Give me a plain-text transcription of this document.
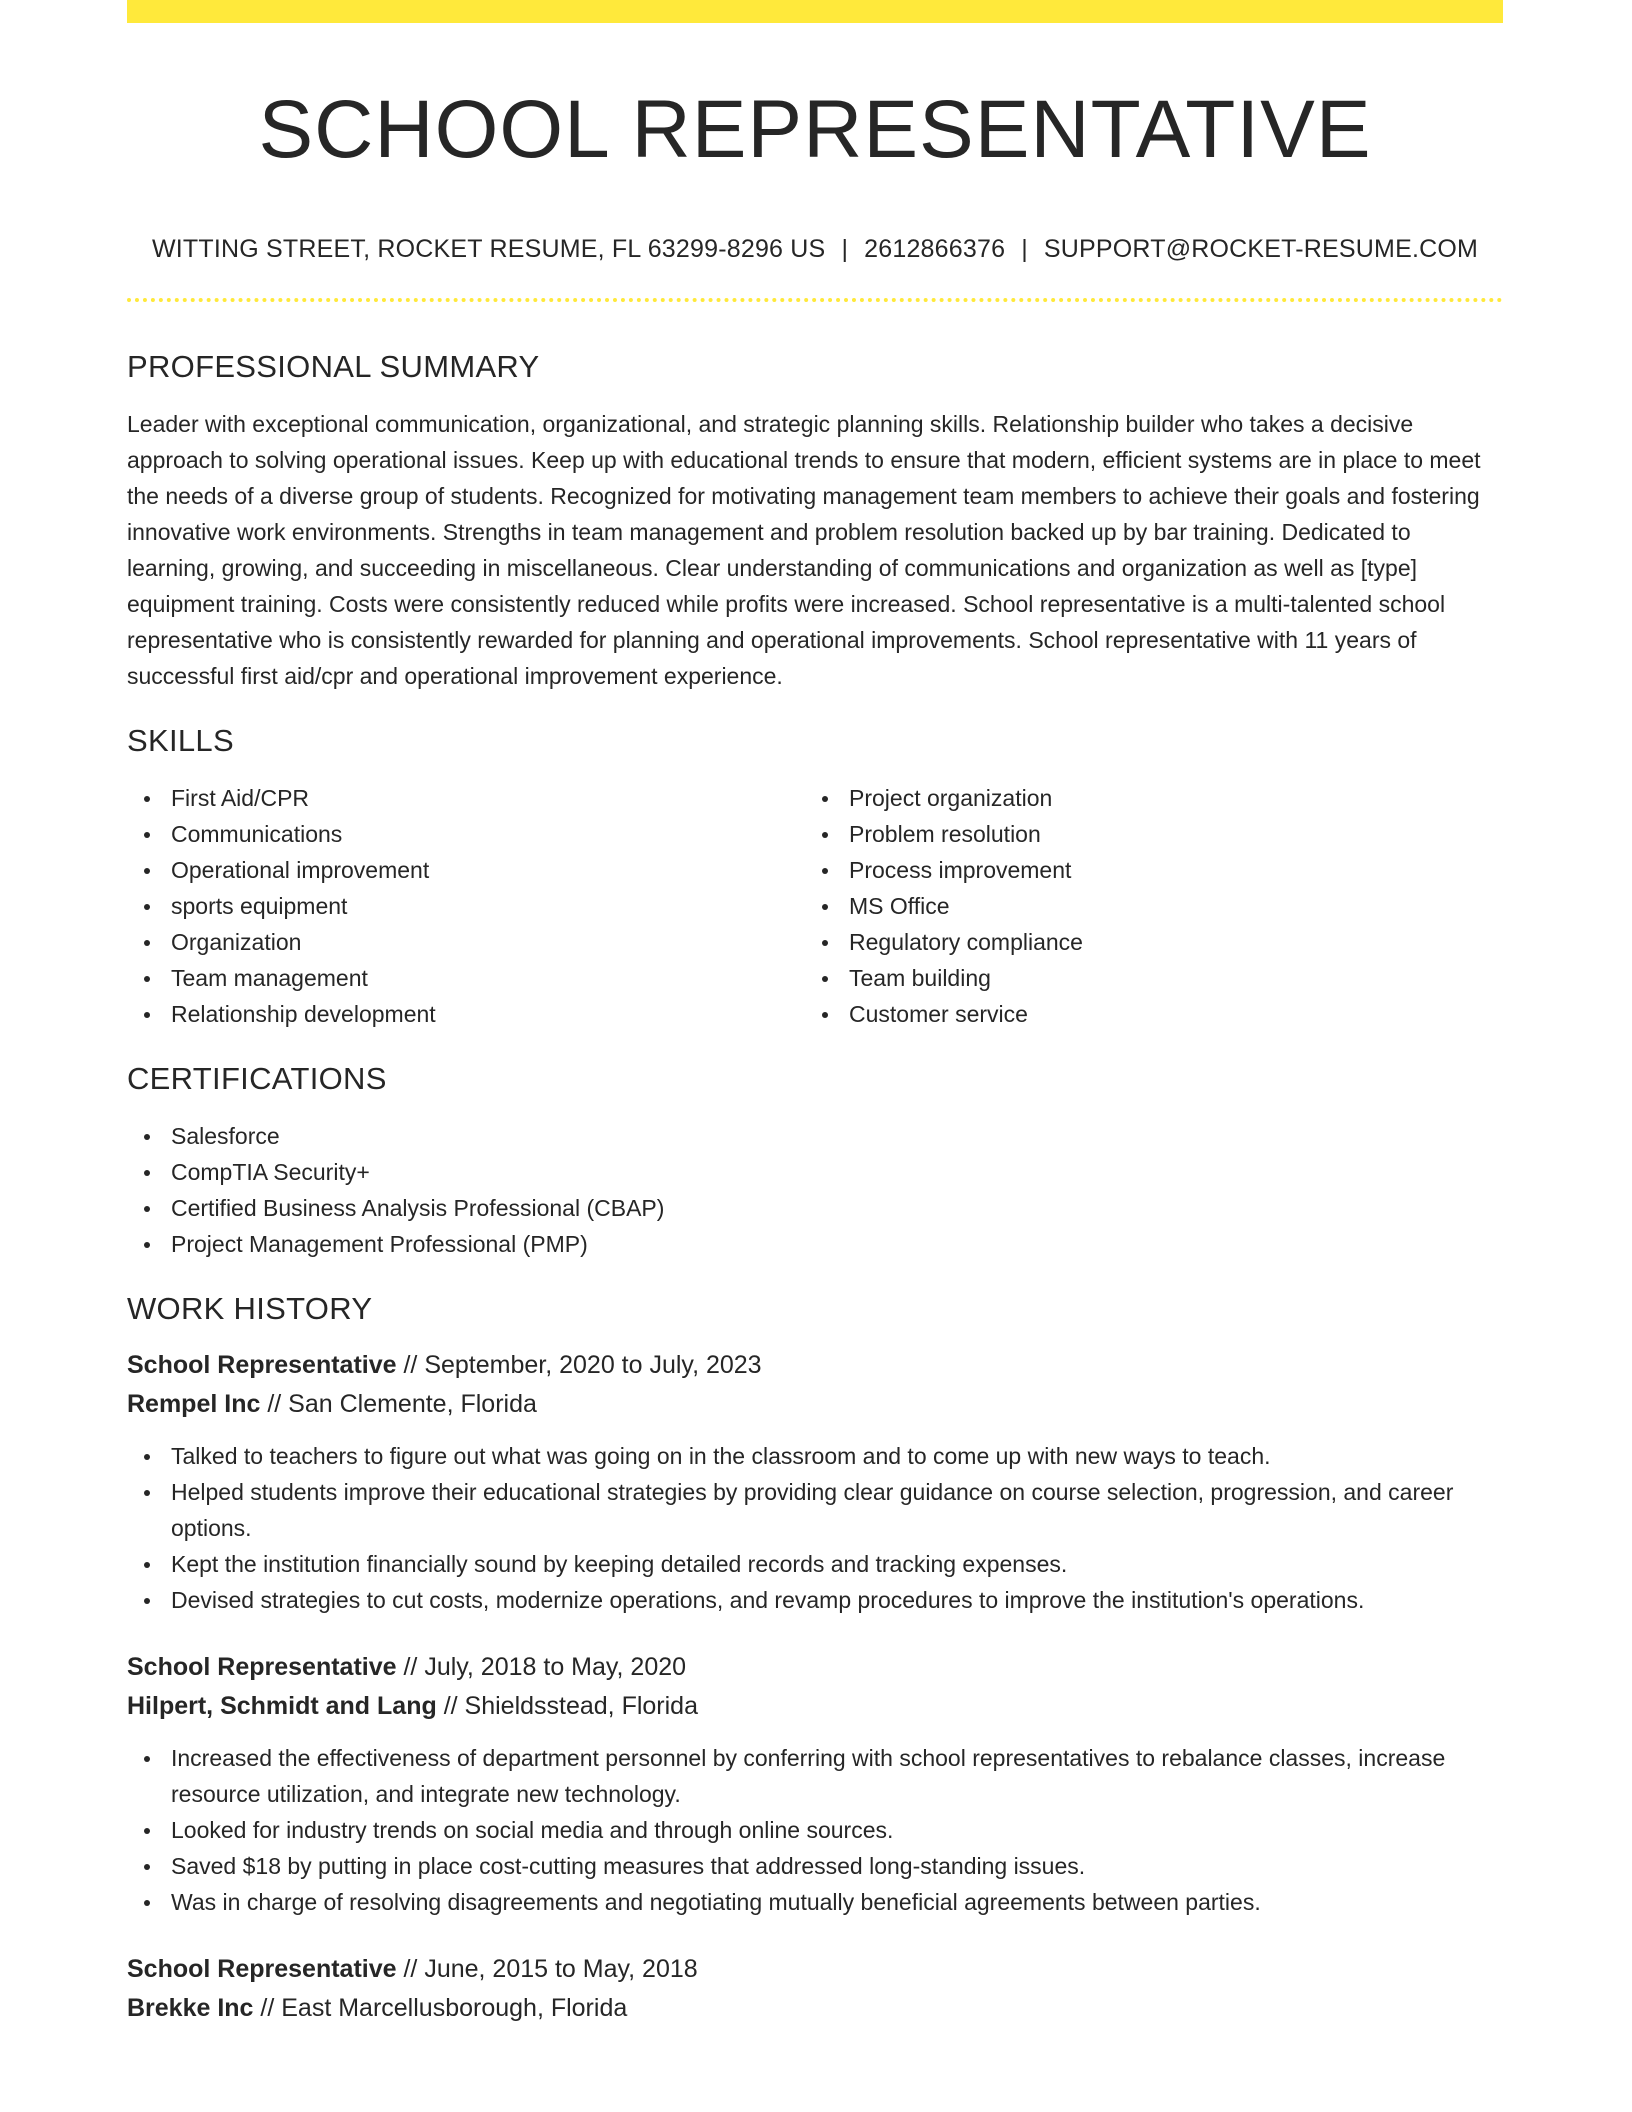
SCHOOL REPRESENTATIVE
WITTING STREET, ROCKET RESUME, FL 63299-8296 US | 2612866376 | SUPPORT@ROCKET-RESUME.COM
PROFESSIONAL SUMMARY

Leader with exceptional communication, organizational, and strategic planning skills. Relationship builder who takes a decisive approach to solving operational issues. Keep up with educational trends to ensure that modern, efficient systems are in place to meet the needs of a diverse group of students. Recognized for motivating management team members to achieve their goals and fostering innovative work environments. Strengths in team management and problem resolution backed up by bar training. Dedicated to learning, growing, and succeeding in miscellaneous. Clear understanding of communications and organization as well as [type] equipment training. Costs were consistently reduced while profits were increased. School representative is a multi-talented school representative who is consistently rewarded for planning and operational improvements. School representative with 11 years of successful first aid/cpr and operational improvement experience.

SKILLS
First Aid/CPR
Communications
Operational improvement
sports equipment
Organization
Team management
Relationship development
Project organization
Problem resolution
Process improvement
MS Office
Regulatory compliance
Team building
Customer service
CERTIFICATIONS
Salesforce
CompTIA Security+
Certified Business Analysis Professional (CBAP)
Project Management Professional (PMP)
WORK HISTORY
School Representative // September, 2020 to July, 2023
Rempel Inc // San Clemente, Florida
Talked to teachers to figure out what was going on in the classroom and to come up with new ways to teach.
Helped students improve their educational strategies by providing clear guidance on course selection, progression, and career options.
Kept the institution financially sound by keeping detailed records and tracking expenses.
Devised strategies to cut costs, modernize operations, and revamp procedures to improve the institution's operations.
School Representative // July, 2018 to May, 2020
Hilpert, Schmidt and Lang // Shieldsstead, Florida
Increased the effectiveness of department personnel by conferring with school representatives to rebalance classes, increase resource utilization, and integrate new technology.
Looked for industry trends on social media and through online sources.
Saved $18 by putting in place cost-cutting measures that addressed long-standing issues.
Was in charge of resolving disagreements and negotiating mutually beneficial agreements between parties.
School Representative // June, 2015 to May, 2018
Brekke Inc // East Marcellusborough, Florida
